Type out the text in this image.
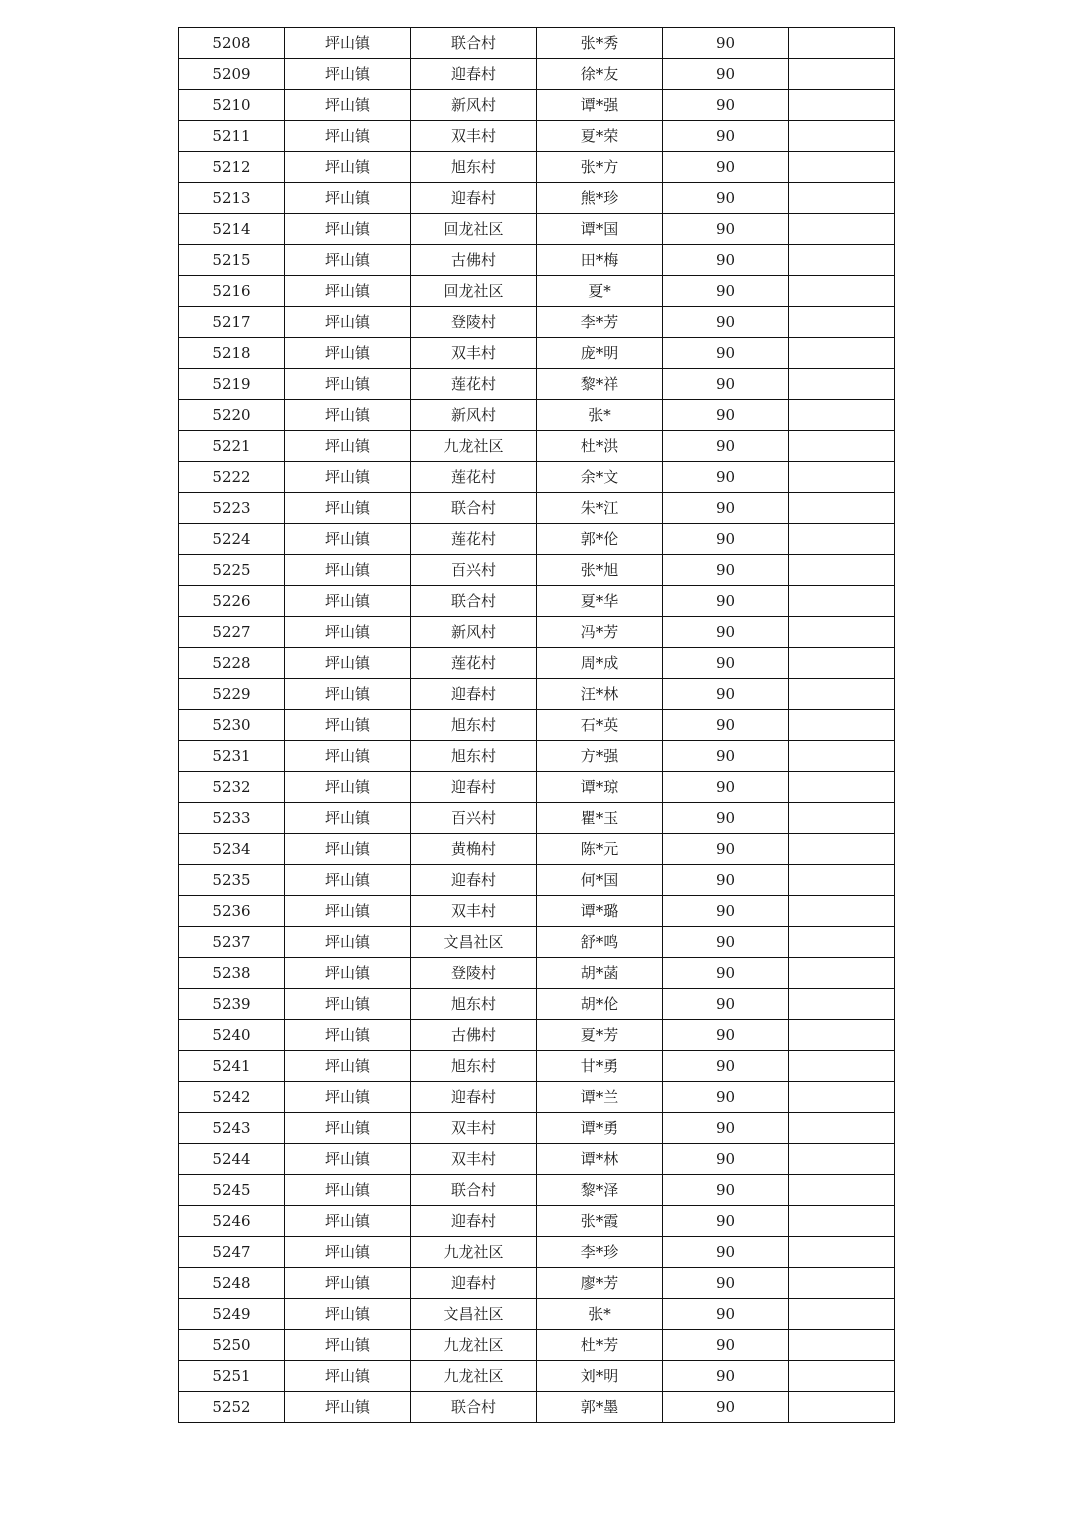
5208	坪山镇	联合村	张*秀	90	
5209	坪山镇	迎春村	徐*友	90	
5210	坪山镇	新风村	谭*强	90	
5211	坪山镇	双丰村	夏*荣	90	
5212	坪山镇	旭东村	张*方	90	
5213	坪山镇	迎春村	熊*珍	90	
5214	坪山镇	回龙社区	谭*国	90	
5215	坪山镇	古佛村	田*梅	90	
5216	坪山镇	回龙社区	夏*	90	
5217	坪山镇	登陵村	李*芳	90	
5218	坪山镇	双丰村	庞*明	90	
5219	坪山镇	莲花村	黎*祥	90	
5220	坪山镇	新风村	张*	90	
5221	坪山镇	九龙社区	杜*洪	90	
5222	坪山镇	莲花村	余*文	90	
5223	坪山镇	联合村	朱*江	90	
5224	坪山镇	莲花村	郭*伦	90	
5225	坪山镇	百兴村	张*旭	90	
5226	坪山镇	联合村	夏*华	90	
5227	坪山镇	新风村	冯*芳	90	
5228	坪山镇	莲花村	周*成	90	
5229	坪山镇	迎春村	汪*林	90	
5230	坪山镇	旭东村	石*英	90	
5231	坪山镇	旭东村	方*强	90	
5232	坪山镇	迎春村	谭*琼	90	
5233	坪山镇	百兴村	瞿*玉	90	
5234	坪山镇	黄桷村	陈*元	90	
5235	坪山镇	迎春村	何*国	90	
5236	坪山镇	双丰村	谭*璐	90	
5237	坪山镇	文昌社区	舒*鸣	90	
5238	坪山镇	登陵村	胡*菡	90	
5239	坪山镇	旭东村	胡*伦	90	
5240	坪山镇	古佛村	夏*芳	90	
5241	坪山镇	旭东村	甘*勇	90	
5242	坪山镇	迎春村	谭*兰	90	
5243	坪山镇	双丰村	谭*勇	90	
5244	坪山镇	双丰村	谭*林	90	
5245	坪山镇	联合村	黎*泽	90	
5246	坪山镇	迎春村	张*霞	90	
5247	坪山镇	九龙社区	李*珍	90	
5248	坪山镇	迎春村	廖*芳	90	
5249	坪山镇	文昌社区	张*	90	
5250	坪山镇	九龙社区	杜*芳	90	
5251	坪山镇	九龙社区	刘*明	90	
5252	坪山镇	联合村	郭*墨	90	
